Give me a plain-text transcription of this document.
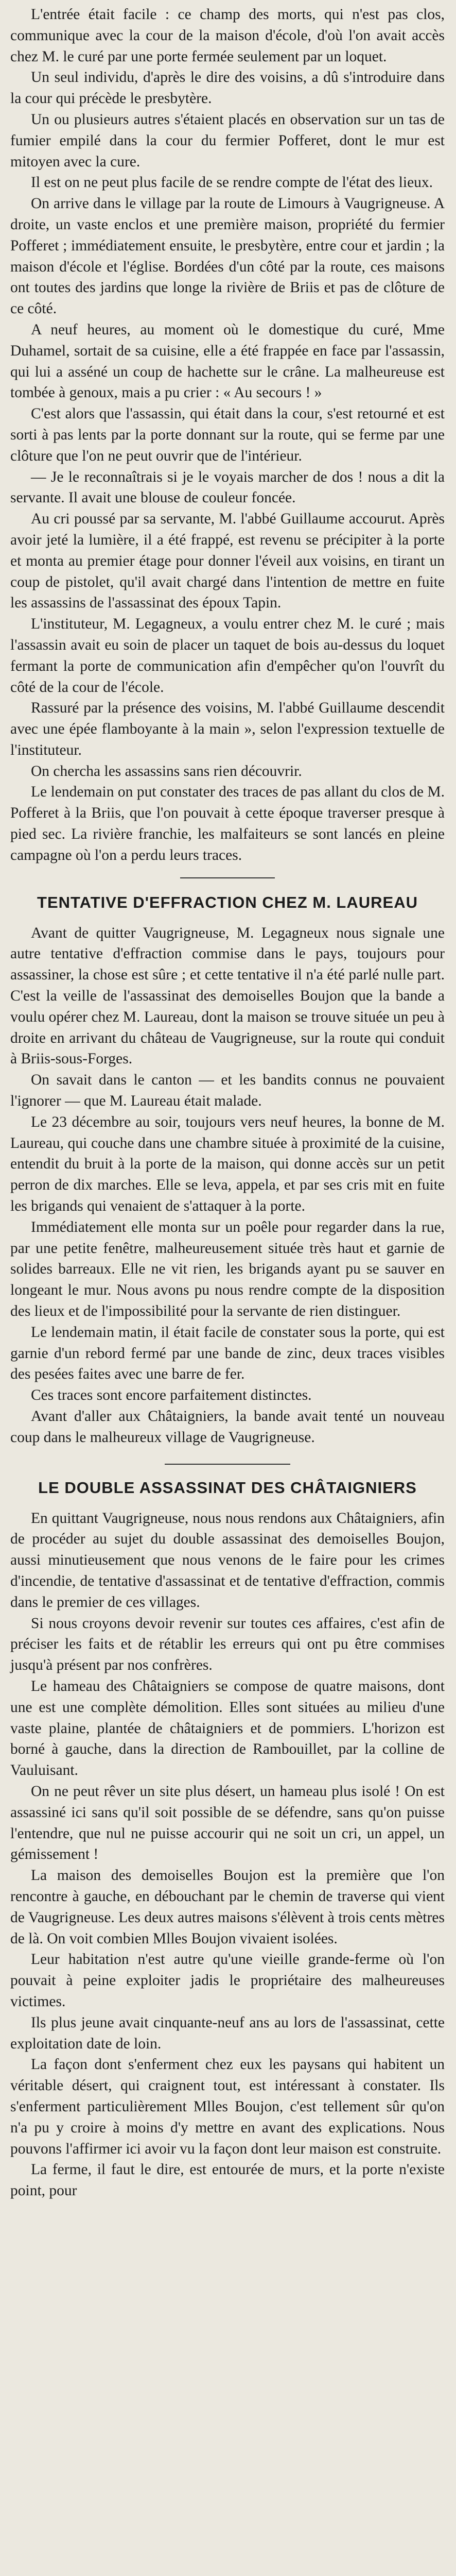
L'entrée était facile : ce champ des morts, qui n'est pas clos, communique avec la cour de la maison d'école, d'où l'on avait accès chez M. le curé par une porte fermée seulement par un loquet.

Un seul individu, d'après le dire des voisins, a dû s'introduire dans la cour qui précède le presbytère.

Un ou plusieurs autres s'étaient placés en observation sur un tas de fumier empilé dans la cour du fermier Pofferet, dont le mur est mitoyen avec la cure.

Il est on ne peut plus facile de se rendre compte de l'état des lieux.

On arrive dans le village par la route de Limours à Vaugrigneuse. A droite, un vaste enclos et une première maison, propriété du fermier Pofferet ; immédiatement ensuite, le presbytère, entre cour et jardin ; la maison d'école et l'église. Bordées d'un côté par la route, ces maisons ont toutes des jardins que longe la rivière de Briis et pas de clôture de ce côté.

A neuf heures, au moment où le domestique du curé, Mme Duhamel, sortait de sa cuisine, elle a été frappée en face par l'assassin, qui lui a asséné un coup de hachette sur le crâne. La malheureuse est tombée à genoux, mais a pu crier : « Au secours ! »

C'est alors que l'assassin, qui était dans la cour, s'est retourné et est sorti à pas lents par la porte donnant sur la route, qui se ferme par une clôture que l'on ne peut ouvrir que de l'intérieur.

— Je le reconnaîtrais si je le voyais marcher de dos ! nous a dit la servante. Il avait une blouse de couleur foncée.

Au cri poussé par sa servante, M. l'abbé Guillaume accourut. Après avoir jeté la lumière, il a été frappé, est revenu se précipiter à la porte et monta au premier étage pour donner l'éveil aux voisins, en tirant un coup de pistolet, qu'il avait chargé dans l'intention de mettre en fuite les assassins de l'assassinat des époux Tapin.

L'instituteur, M. Legagneux, a voulu entrer chez M. le curé ; mais l'assassin avait eu soin de placer un taquet de bois au-dessus du loquet fermant la porte de communication afin d'empêcher qu'on l'ouvrît du côté de la cour de l'école.

Rassuré par la présence des voisins, M. l'abbé Guillaume descendit avec une épée flamboyante à la main », selon l'expression textuelle de l'instituteur.

On chercha les assassins sans rien découvrir.

Le lendemain on put constater des traces de pas allant du clos de M. Pofferet à la Briis, que l'on pouvait à cette époque traverser presque à pied sec. La rivière franchie, les malfaiteurs se sont lancés en pleine campagne où l'on a perdu leurs traces.

TENTATIVE D'EFFRACTION CHEZ M. LAUREAU

Avant de quitter Vaugrigneuse, M. Legagneux nous signale une autre tentative d'effraction commise dans le pays, toujours pour assassiner, la chose est sûre ; et cette tentative il n'a été parlé nulle part. C'est la veille de l'assassinat des demoiselles Boujon que la bande a voulu opérer chez M. Laureau, dont la maison se trouve située un peu à droite en arrivant du château de Vaugrigneuse, sur la route qui conduit à Briis-sous-Forges.

On savait dans le canton — et les bandits connus ne pouvaient l'ignorer — que M. Laureau était malade.

Le 23 décembre au soir, toujours vers neuf heures, la bonne de M. Laureau, qui couche dans une chambre située à proximité de la cuisine, entendit du bruit à la porte de la maison, qui donne accès sur un petit perron de dix marches. Elle se leva, appela, et par ses cris mit en fuite les brigands qui venaient de s'attaquer à la porte.

Immédiatement elle monta sur un poêle pour regarder dans la rue, par une petite fenêtre, malheureusement située très haut et garnie de solides barreaux. Elle ne vit rien, les brigands ayant pu se sauver en longeant le mur. Nous avons pu nous rendre compte de la disposition des lieux et de l'impossibilité pour la servante de rien distinguer.

Le lendemain matin, il était facile de constater sous la porte, qui est garnie d'un rebord fermé par une bande de zinc, deux traces visibles des pesées faites avec une barre de fer.

Ces traces sont encore parfaitement distinctes.

Avant d'aller aux Châtaigniers, la bande avait tenté un nouveau coup dans le malheureux village de Vaugrigneuse.

LE DOUBLE ASSASSINAT DES CHÂTAIGNIERS

En quittant Vaugrigneuse, nous nous rendons aux Châtaigniers, afin de procéder au sujet du double assassinat des demoiselles Boujon, aussi minutieusement que nous venons de le faire pour les crimes d'incendie, de tentative d'assassinat et de tentative d'effraction, commis dans le premier de ces villages.

Si nous croyons devoir revenir sur toutes ces affaires, c'est afin de préciser les faits et de rétablir les erreurs qui ont pu être commises jusqu'à présent par nos confrères.

Le hameau des Châtaigniers se compose de quatre maisons, dont une est une complète démolition. Elles sont situées au milieu d'une vaste plaine, plantée de châtaigniers et de pommiers. L'horizon est borné à gauche, dans la direction de Rambouillet, par la colline de Vauluisant.

On ne peut rêver un site plus désert, un hameau plus isolé ! On est assassiné ici sans qu'il soit possible de se défendre, sans qu'on puisse l'entendre, que nul ne puisse accourir qui ne soit un cri, un appel, un gémissement !

La maison des demoiselles Boujon est la première que l'on rencontre à gauche, en débouchant par le chemin de traverse qui vient de Vaugrigneuse. Les deux autres maisons s'élèvent à trois cents mètres de là. On voit combien Mlles Boujon vivaient isolées.

Leur habitation n'est autre qu'une vieille grande-ferme où l'on pouvait à peine exploiter jadis le propriétaire des malheureuses victimes.

Ils plus jeune avait cinquante-neuf ans au lors de l'assassinat, cette exploitation date de loin.

La façon dont s'enferment chez eux les paysans qui habitent un véritable désert, qui craignent tout, est intéressant à constater. Ils s'enferment particulièrement Mlles Boujon, c'est tellement sûr qu'on n'a pu y croire à moins d'y mettre en avant des explications. Nous pouvons l'affirmer ici avoir vu la façon dont leur maison est construite.

La ferme, il faut le dire, est entourée de murs, et la porte n'existe point, pour
